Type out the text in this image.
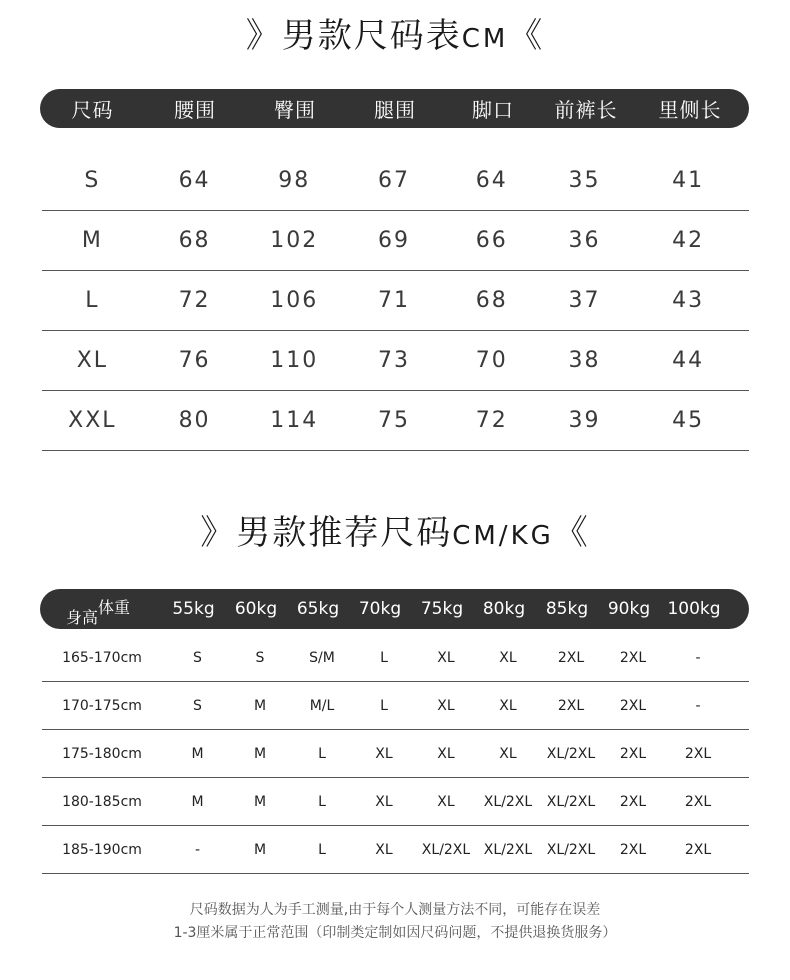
》男款尺码表CM《
尺码	腰围	臀围	腿围	脚口	前裤长	里侧长
S	64	98	67	64	35	41
M	68	102	69	66	36	42
L	72	106	71	68	37	43
XL	76	110	73	70	38	44
XXL	80	114	75	72	39	45
》男款推荐尺码CM/KG《
体重
身高	55kg	60kg	65kg	70kg	75kg	80kg	85kg	90kg	100kg
165-170cm	S	S	S/M	L	XL	XL	2XL	2XL	-
170-175cm	S	M	M/L	L	XL	XL	2XL	2XL	-
175-180cm	M	M	L	XL	XL	XL	XL/2XL	2XL	2XL
180-185cm	M	M	L	XL	XL	XL/2XL	XL/2XL	2XL	2XL
185-190cm	-	M	L	XL	XL/2XL XL/2XL	XL/2XL	2XL	2XL
尺码数据为人为手工测量,由于每个人测量方法不同，可能存在误差
1-3厘米属于正常范围（印制类定制如因尺码问题，不提供退换货服务）
